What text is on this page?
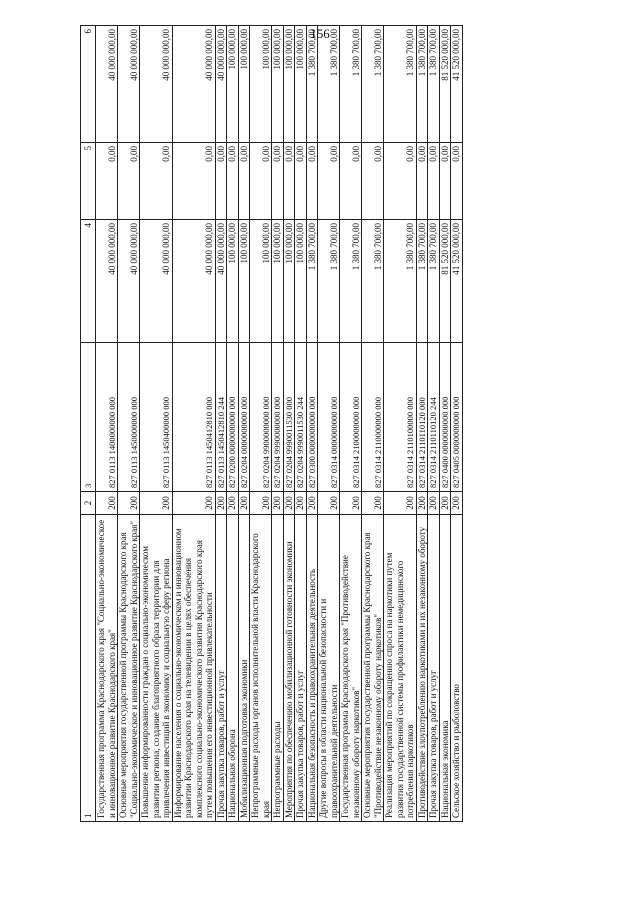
156
1	2	3	4	5	6
Государственная программа Краснодарского края "Социально-экономическое и инновационное развитие Краснодарского края"	200	827 0113 1400000000 000	40 000 000,00	0,00	40 000 000,00
Основные мероприятия государственной программы Краснодарского края "Социально-экономическое и инновационное развитие Краснодарского края"	200	827 0113 1450000000 000	40 000 000,00	0,00	40 000 000,00
Повышение информированности граждан о социально-экономическом развитии региона, создание благоприятного образа территории для привлечения инвестиций в экономику и социальную сферу региона	200	827 0113 1450400000 000	40 000 000,00	0,00	40 000 000,00
Информирование населения о социально-экономическом и инновационном развитии Краснодарского края на телевидении в целях обеспечения комплексного социально-экономического развития Краснодарского края путем повышения его инвестиционной привлекательности	200	827 0113 1450412810 000	40 000 000,00	0,00	40 000 000,00
Прочая закупка товаров, работ и услуг	200	827 0113 1450412810 244	40 000 000,00	0,00	40 000 000,00
Национальная оборона	200	827 0200 0000000000 000	100 000,00	0,00	100 000,00
Мобилизационная подготовка экономики	200	827 0204 0000000000 000	100 000,00	0,00	100 000,00
Непрограммные расходы органов исполнительной власти Краснодарского края	200	827 0204 9900000000 000	100 000,00	0,00	100 000,00
Непрограммные расходы	200	827 0204 9990000000 000	100 000,00	0,00	100 000,00
Мероприятия по обеспечению мобилизационной готовности экономики	200	827 0204 9990011530 000	100 000,00	0,00	100 000,00
Прочая закупка товаров, работ и услуг	200	827 0204 9990011530 244	100 000,00	0,00	100 000,00
Национальная безопасность и правоохранительная деятельность	200	827 0300 0000000000 000	1 380 700,00	0,00	1 380 700,00
Другие вопросы в области национальной безопасности и правоохранительной деятельности	200	827 0314 0000000000 000	1 380 700,00	0,00	1 380 700,00
Государственная программа Краснодарского края "Противодействие незаконному обороту наркотиков"	200	827 0314 2100000000 000	1 380 700,00	0,00	1 380 700,00
Основные мероприятия государственной программы Краснодарского края "Противодействие незаконному обороту наркотиков"	200	827 0314 2110000000 000	1 380 700,00	0,00	1 380 700,00
Реализация мероприятий по сокращению спроса на наркотики путем развития государственной системы профилактики немедицинского потребления наркотиков	200	827 0314 2110100000 000	1 380 700,00	0,00	1 380 700,00
Противодействие злоупотреблению наркотиками и их незаконному обороту	200	827 0314 2110110120 000	1 380 700,00	0,00	1 380 700,00
Прочая закупка товаров, работ и услуг	200	827 0314 2110110120 244	1 380 700,00	0,00	1 380 700,00
Национальная экономика	200	827 0400 0000000000 000	81 520 000,00	0,00	81 520 000,00
Сельское хозяйство и рыболовство	200	827 0405 0000000000 000	41 520 000,00	0,00	41 520 000,00
